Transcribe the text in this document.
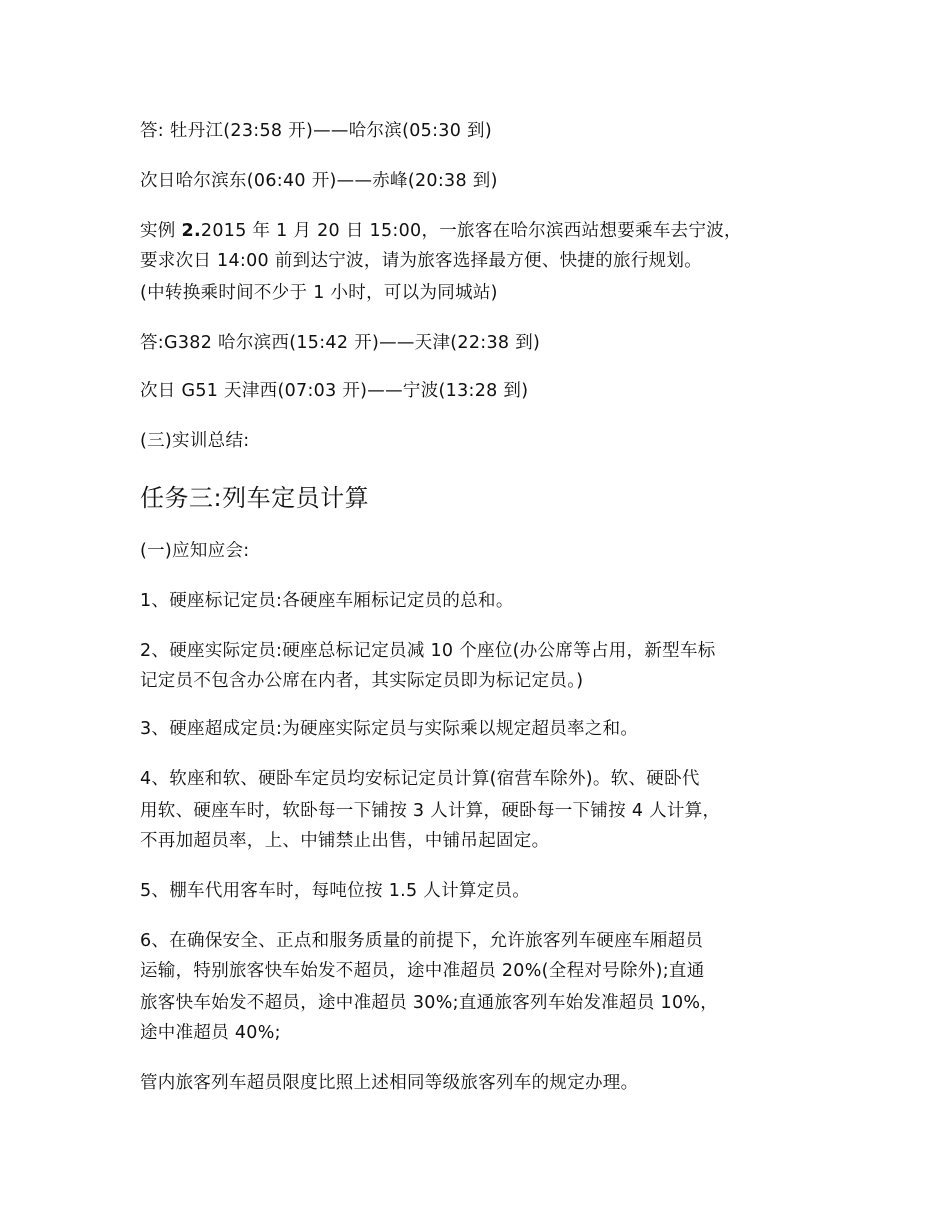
答: 牡丹江(23:58 开)——哈尔滨(05:30 到)

次日哈尔滨东(06:40 开)——赤峰(20:38 到)

实例 2.2015 年 1 月 20 日 15:00，一旅客在哈尔滨西站想要乘车去宁波，

要求次日 14:00 前到达宁波，请为旅客选择最方便、快捷的旅行规划。

(中转换乘时间不少于 1 小时，可以为同城站)

答:G382 哈尔滨西(15:42 开)——天津(22:38 到)

次日 G51 天津西(07:03 开)——宁波(13:28 到)

(三)实训总结:

任务三:列车定员计算

(一)应知应会:

1、硬座标记定员:各硬座车厢标记定员的总和。

2、硬座实际定员:硬座总标记定员减 10 个座位(办公席等占用，新型车标

记定员不包含办公席在内者，其实际定员即为标记定员。)

3、硬座超成定员:为硬座实际定员与实际乘以规定超员率之和。

4、软座和软、硬卧车定员均安标记定员计算(宿营车除外)。软、硬卧代

用软、硬座车时，软卧每一下铺按 3 人计算，硬卧每一下铺按 4 人计算，

不再加超员率，上、中铺禁止出售，中铺吊起固定。

5、棚车代用客车时，每吨位按 1.5 人计算定员。

6、在确保安全、正点和服务质量的前提下，允许旅客列车硬座车厢超员

运输，特别旅客快车始发不超员，途中准超员 20%(全程对号除外);直通

旅客快车始发不超员，途中准超员 30%;直通旅客列车始发准超员 10%，

途中准超员 40%;

管内旅客列车超员限度比照上述相同等级旅客列车的规定办理。
